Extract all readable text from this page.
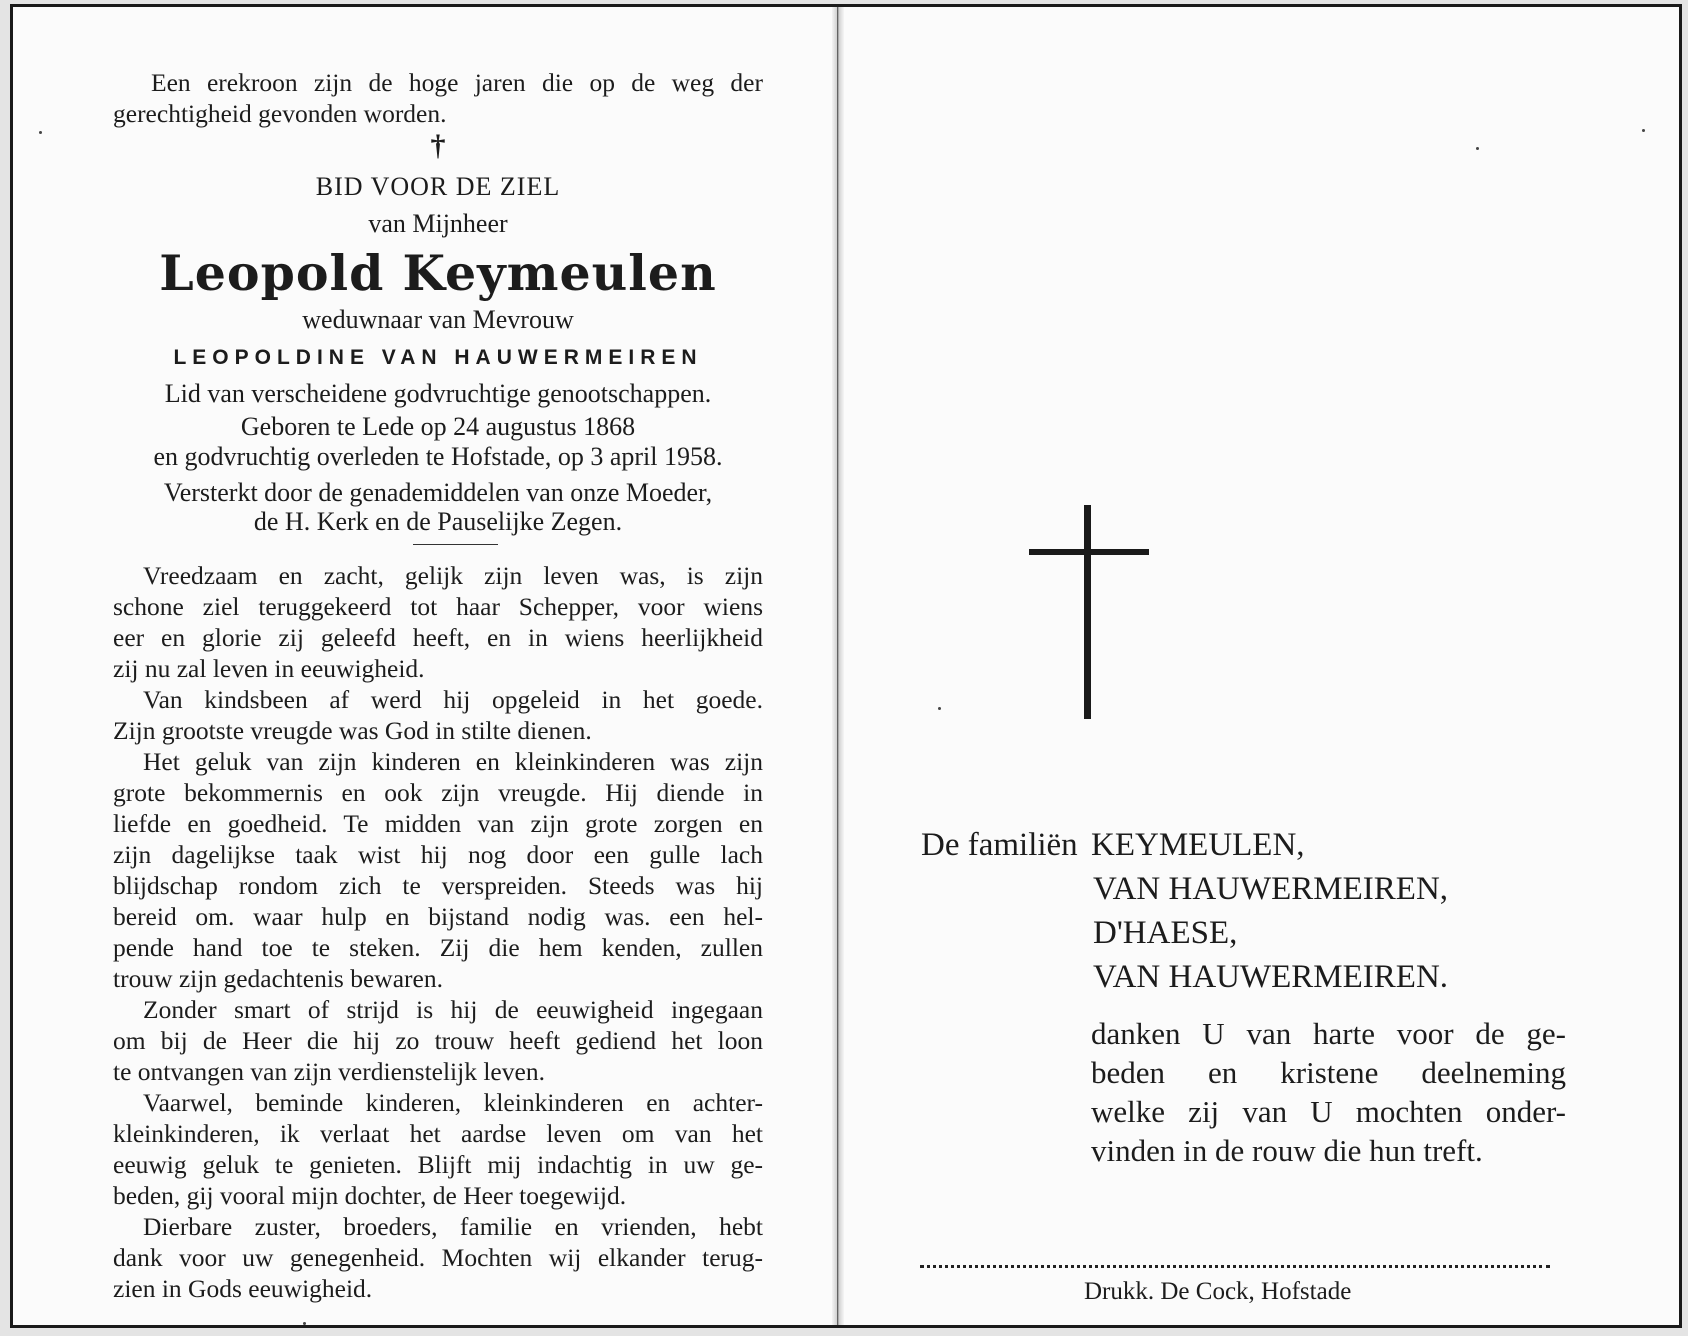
Een erekroon zijn de hoge jaren die op de weg der
gerechtigheid gevonden worden.
†
BID VOOR DE ZIEL
van Mijnheer
Leopold Keymeulen
weduwnaar van Mevrouw
LEOPOLDINE VAN HAUWERMEIREN
Lid van verscheidene godvruchtige genootschappen.
Geboren te Lede op 24 augustus 1868
en godvruchtig overleden te Hofstade, op 3 april 1958.
Versterkt door de genademiddelen van onze Moeder,
de H. Kerk en de Pauselijke Zegen.
Vreedzaam en zacht, gelijk zijn leven was, is zijn
schone ziel teruggekeerd tot haar Schepper, voor wiens
eer en glorie zij geleefd heeft, en in wiens heerlijkheid
zij nu zal leven in eeuwigheid.
Van kindsbeen af werd hij opgeleid in het goede.
Zijn grootste vreugde was God in stilte dienen.
Het geluk van zijn kinderen en kleinkinderen was zijn
grote bekommernis en ook zijn vreugde. Hij diende in
liefde en goedheid. Te midden van zijn grote zorgen en
zijn dagelijkse taak wist hij nog door een gulle lach
blijdschap rondom zich te verspreiden. Steeds was hij
bereid om. waar hulp en bijstand nodig was. een hel-
pende hand toe te steken. Zij die hem kenden, zullen
trouw zijn gedachtenis bewaren.
Zonder smart of strijd is hij de eeuwigheid ingegaan
om bij de Heer die hij zo trouw heeft gediend het loon
te ontvangen van zijn verdienstelijk leven.
Vaarwel, beminde kinderen, kleinkinderen en achter-
kleinkinderen, ik verlaat het aardse leven om van het
eeuwig geluk te genieten. Blijft mij indachtig in uw ge-
beden, gij vooral mijn dochter, de Heer toegewijd.
Dierbare zuster, broeders, familie en vrienden, hebt
dank voor uw genegenheid. Mochten wij elkander terug-
zien in Gods eeuwigheid.
De familiën KEYMEULEN,
VAN HAUWERMEIREN,
D'HAESE,
VAN HAUWERMEIREN.
danken U van harte voor de ge-
beden en kristene deelneming
welke zij van U mochten onder-
vinden in de rouw die hun treft.
Drukk. De Cock, Hofstade
